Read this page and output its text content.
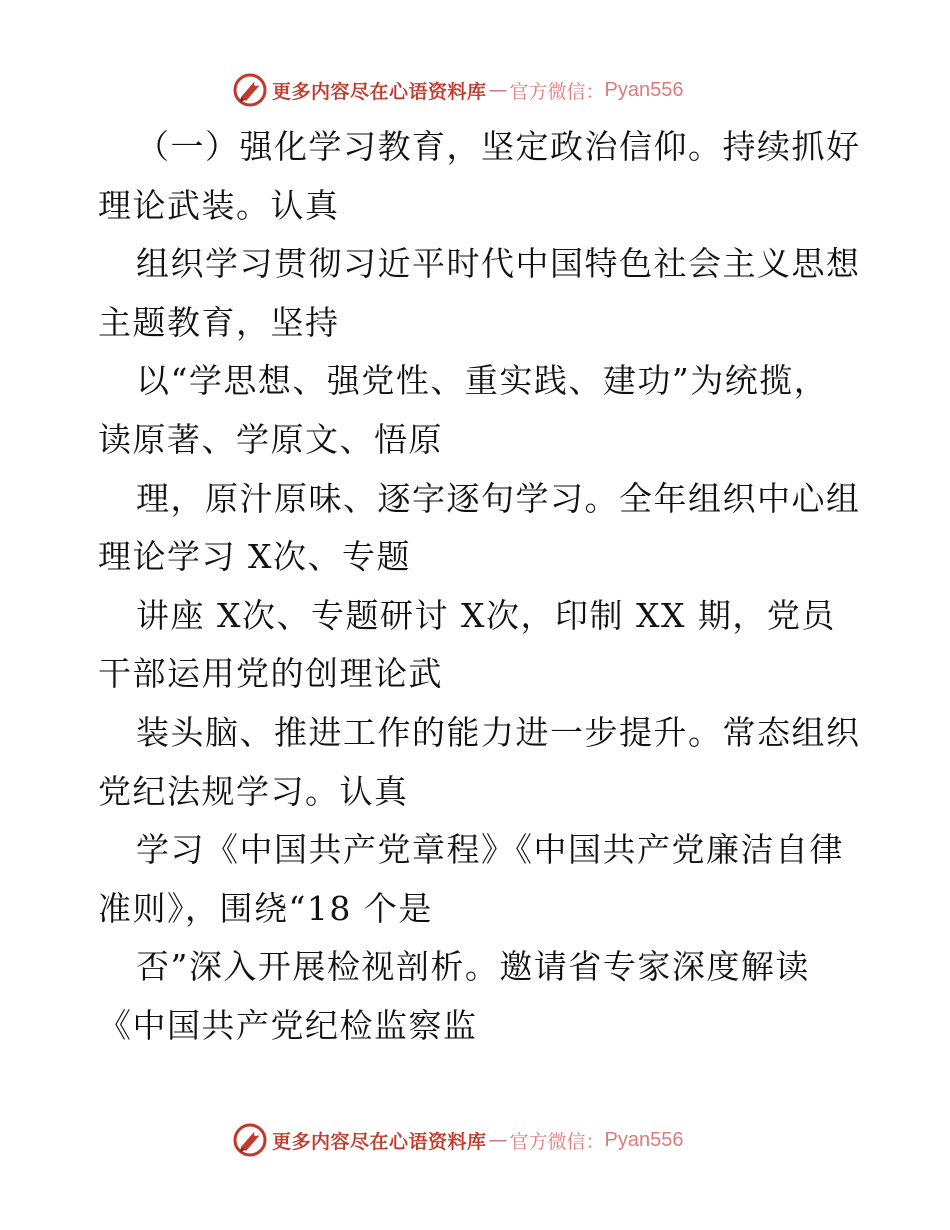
更多内容尽在心语资料库 — 官方微信： Pyan556
（一）强化学习教育，坚定政治信仰。持续抓好
理论武装。认真
组织学习贯彻习近平时代中国特色社会主义思想
主题教育，坚持
以“学思想、强党性、重实践、建功”为统揽，
读原著、学原文、悟原
理，原汁原味、逐字逐句学习。全年组织中心组
理论学习 X次、专题
讲座 X次、专题研讨 X次，印制 XX 期，党员
干部运用党的创理论武
装头脑、推进工作的能力进一步提升。常态组织
党纪法规学习。认真
学习《中国共产党章程》《中国共产党廉洁自律
准则》，围绕“18 个是
否”深入开展检视剖析。邀请省专家深度解读
《中国共产党纪检监察监
更多内容尽在心语资料库 — 官方微信： Pyan556
